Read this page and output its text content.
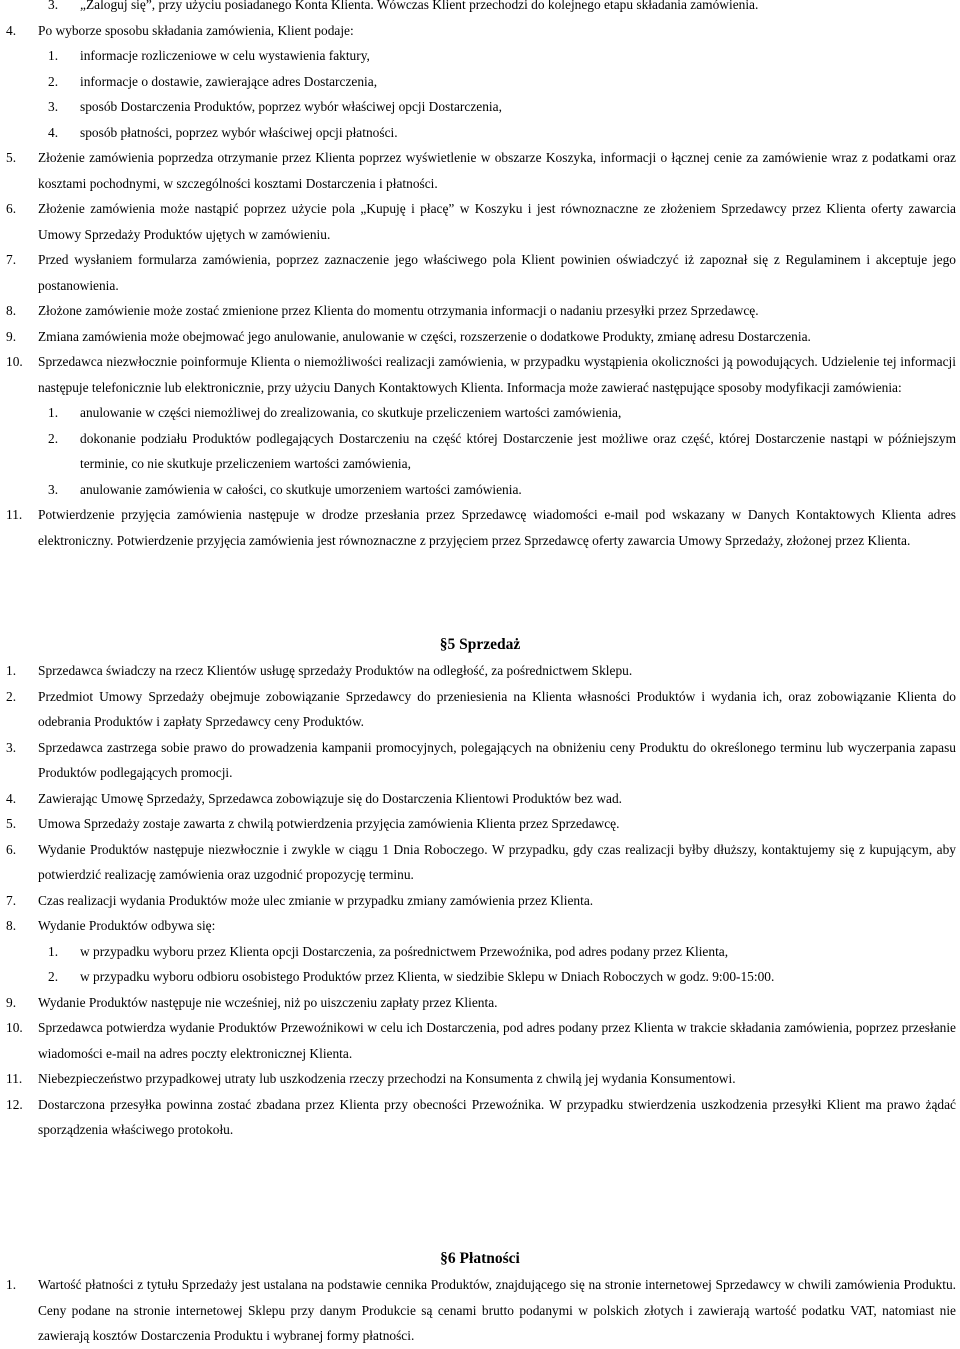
3. „Zaloguj się”, przy użyciu posiadanego Konta Klienta. Wówczas Klient przechodzi do kolejnego etapu składania zamówienia.
4. Po wyborze sposobu składania zamówienia, Klient podaje:
1. informacje rozliczeniowe w celu wystawienia faktury,
2. informacje o dostawie, zawierające adres Dostarczenia,
3. sposób Dostarczenia Produktów, poprzez wybór właściwej opcji Dostarczenia,
4. sposób płatności, poprzez wybór właściwej opcji płatności.
5. Złożenie zamówienia poprzedza otrzymanie przez Klienta poprzez wyświetlenie w obszarze Koszyka, informacji o łącznej cenie za zamówienie wraz z podatkami oraz kosztami pochodnymi, w szczególności kosztami Dostarczenia i płatności.
6. Złożenie zamówienia może nastąpić poprzez użycie pola „Kupuję i płacę” w Koszyku i jest równoznaczne ze złożeniem Sprzedawcy przez Klienta oferty zawarcia Umowy Sprzedaży Produktów ujętych w zamówieniu.
7. Przed wysłaniem formularza zamówienia, poprzez zaznaczenie jego właściwego pola Klient powinien oświadczyć iż zapoznał się z Regulaminem i akceptuje jego postanowienia.
8. Złożone zamówienie może zostać zmienione przez Klienta do momentu otrzymania informacji o nadaniu przesyłki przez Sprzedawcę.
9. Zmiana zamówienia może obejmować jego anulowanie, anulowanie w części, rozszerzenie o dodatkowe Produkty, zmianę adresu Dostarczenia.
10. Sprzedawca niezwłocznie poinformuje Klienta o niemożliwości realizacji zamówienia, w przypadku wystąpienia okoliczności ją powodujących. Udzielenie tej informacji następuje telefonicznie lub elektronicznie, przy użyciu Danych Kontaktowych Klienta. Informacja może zawierać następujące sposoby modyfikacji zamówienia:
1. anulowanie w części niemożliwej do zrealizowania, co skutkuje przeliczeniem wartości zamówienia,
2. dokonanie podziału Produktów podlegających Dostarczeniu na część której Dostarczenie jest możliwe oraz część, której Dostarczenie nastąpi w późniejszym terminie, co nie skutkuje przeliczeniem wartości zamówienia,
3. anulowanie zamówienia w całości, co skutkuje umorzeniem wartości zamówienia.
11. Potwierdzenie przyjęcia zamówienia następuje w drodze przesłania przez Sprzedawcę wiadomości e-mail pod wskazany w Danych Kontaktowych Klienta adres elektroniczny. Potwierdzenie przyjęcia zamówienia jest równoznaczne z przyjęciem przez Sprzedawcę oferty zawarcia Umowy Sprzedaży, złożonej przez Klienta.
§5 Sprzedaż
1. Sprzedawca świadczy na rzecz Klientów usługę sprzedaży Produktów na odległość, za pośrednictwem Sklepu.
2. Przedmiot Umowy Sprzedaży obejmuje zobowiązanie Sprzedawcy do przeniesienia na Klienta własności Produktów i wydania ich, oraz zobowiązanie Klienta do odebrania Produktów i zapłaty Sprzedawcy ceny Produktów.
3. Sprzedawca zastrzega sobie prawo do prowadzenia kampanii promocyjnych, polegających na obniżeniu ceny Produktu do określonego terminu lub wyczerpania zapasu Produktów podlegających promocji.
4. Zawierając Umowę Sprzedaży, Sprzedawca zobowiązuje się do Dostarczenia Klientowi Produktów bez wad.
5. Umowa Sprzedaży zostaje zawarta z chwilą potwierdzenia przyjęcia zamówienia Klienta przez Sprzedawcę.
6. Wydanie Produktów następuje niezwłocznie i zwykle w ciągu 1 Dnia Roboczego. W przypadku, gdy czas realizacji byłby dłuższy, kontaktujemy się z kupującym, aby potwierdzić realizację zamówienia oraz uzgodnić propozycję terminu.
7. Czas realizacji wydania Produktów może ulec zmianie w przypadku zmiany zamówienia przez Klienta.
8. Wydanie Produktów odbywa się:
1. w przypadku wyboru przez Klienta opcji Dostarczenia, za pośrednictwem Przewoźnika, pod adres podany przez Klienta,
2. w przypadku wyboru odbioru osobistego Produktów przez Klienta, w siedzibie Sklepu w Dniach Roboczych w godz. 9:00-15:00.
9. Wydanie Produktów następuje nie wcześniej, niż po uiszczeniu zapłaty przez Klienta.
10. Sprzedawca potwierdza wydanie Produktów Przewoźnikowi w celu ich Dostarczenia, pod adres podany przez Klienta w trakcie składania zamówienia, poprzez przesłanie wiadomości e-mail na adres poczty elektronicznej Klienta.
11. Niebezpieczeństwo przypadkowej utraty lub uszkodzenia rzeczy przechodzi na Konsumenta z chwilą jej wydania Konsumentowi.
12. Dostarczona przesyłka powinna zostać zbadana przez Klienta przy obecności Przewoźnika. W przypadku stwierdzenia uszkodzenia przesyłki Klient ma prawo żądać sporządzenia właściwego protokołu.
§6 Płatności
1. Wartość płatności z tytułu Sprzedaży jest ustalana na podstawie cennika Produktów, znajdującego się na stronie internetowej Sprzedawcy w chwili zamówienia Produktu. Ceny podane na stronie internetowej Sklepu przy danym Produkcie są cenami brutto podanymi w polskich złotych i zawierają wartość podatku VAT, natomiast nie zawierają kosztów Dostarczenia Produktu i wybranej formy płatności.
